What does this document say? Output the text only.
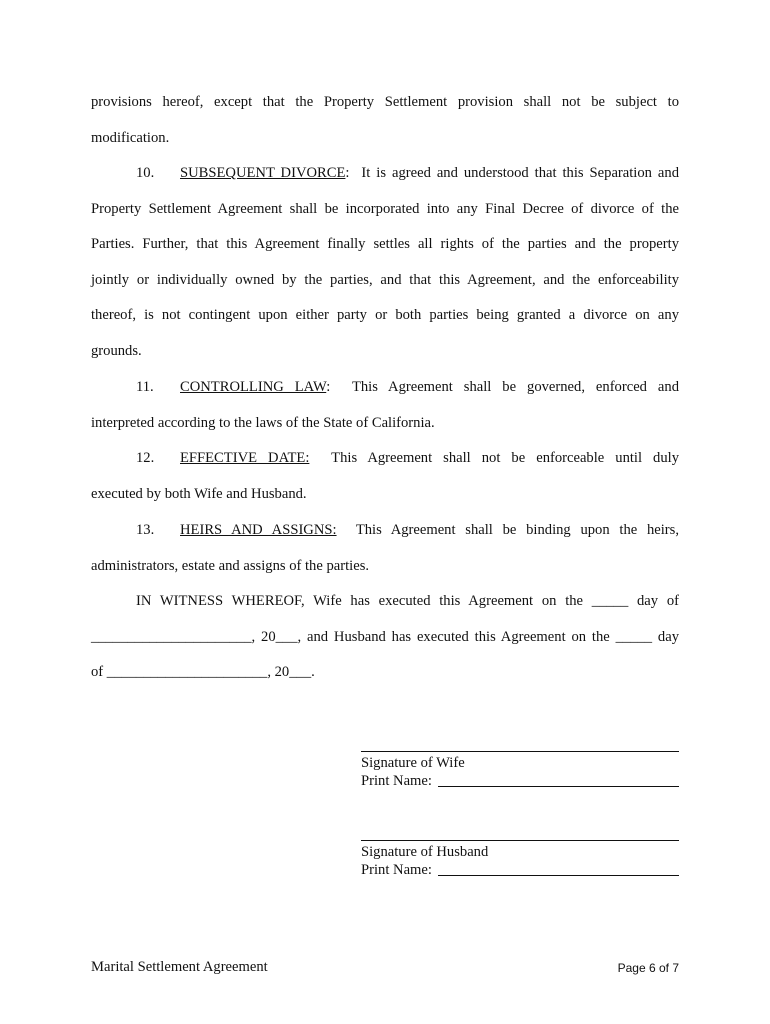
provisions hereof, except that the Property Settlement provision shall not be subject to
modification.
10. SUBSEQUENT DIVORCE: It is agreed and understood that this Separation and
Property Settlement Agreement shall be incorporated into any Final Decree of divorce of the
Parties. Further, that this Agreement finally settles all rights of the parties and the property
jointly or individually owned by the parties, and that this Agreement, and the enforceability
thereof, is not contingent upon either party or both parties being granted a divorce on any
grounds.
11. CONTROLLING LAW: This Agreement shall be governed, enforced and
interpreted according to the laws of the State of California.
12. EFFECTIVE DATE: This Agreement shall not be enforceable until duly
executed by both Wife and Husband.
13. HEIRS AND ASSIGNS: This Agreement shall be binding upon the heirs,
administrators, estate and assigns of the parties.
IN WITNESS WHEREOF, Wife has executed this Agreement on the _____ day of
______________________, 20___, and Husband has executed this Agreement on the _____ day
of ______________________, 20___.
Signature of Wife
Print Name:
Signature of Husband
Print Name:
Marital Settlement Agreement	Page 6 of 7
